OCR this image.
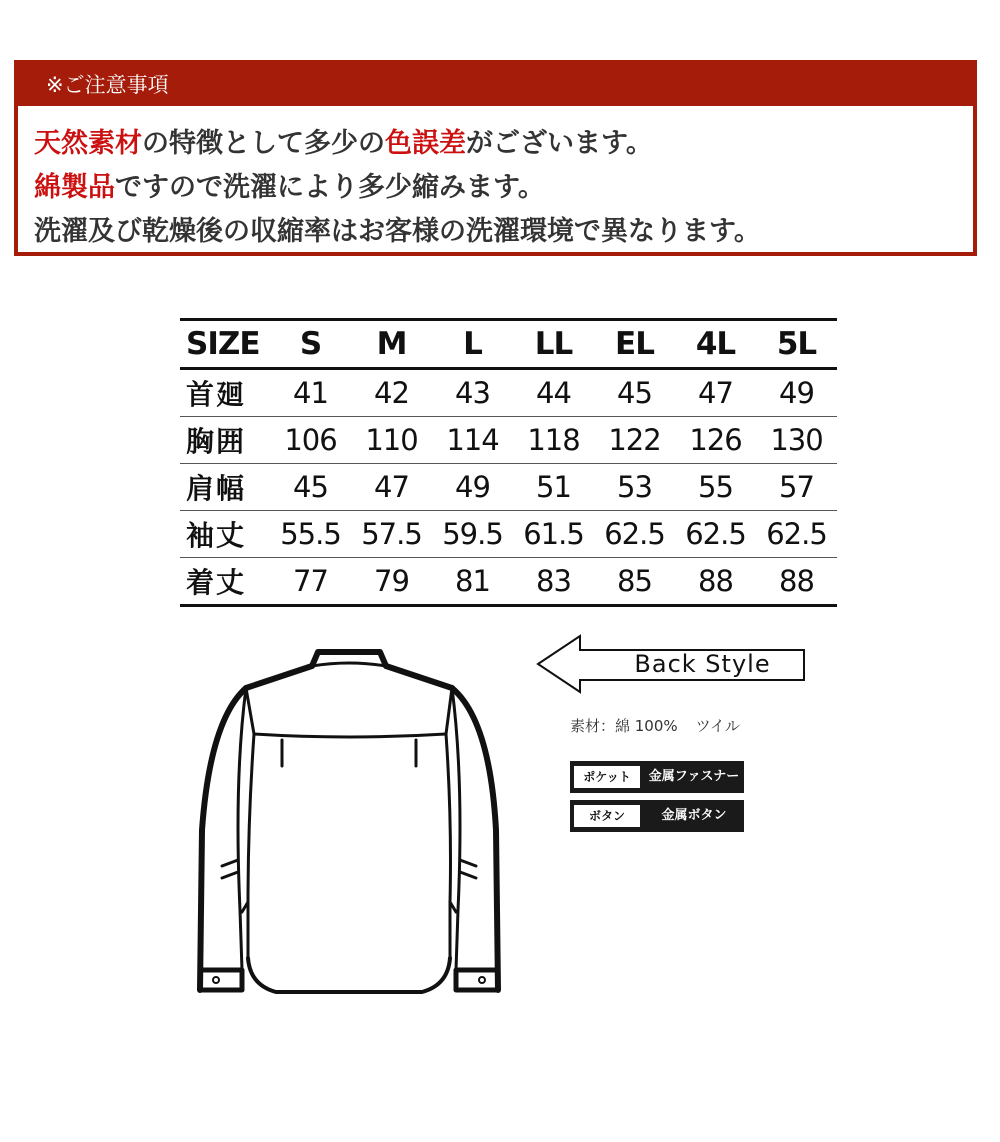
※ご注意事項
天然素材の特徴として多少の色誤差がございます。
綿製品ですので洗濯により多少縮みます。
洗濯及び乾燥後の収縮率はお客様の洗濯環境で異なります。
SIZE	S	M	L	LL	EL	4L	5L
首廻	41	42	43	44	45	47	49
胸囲	106	110	114	118	122	126	130
肩幅	45	47	49	51	53	55	57
袖丈	55.5	57.5	59.5	61.5	62.5	62.5	62.5
着丈	77	79	81	83	85	88	88
Back Style
素材：綿 100% ツイル
ポケット	金属ファスナー
ボタン	金属ボタン
